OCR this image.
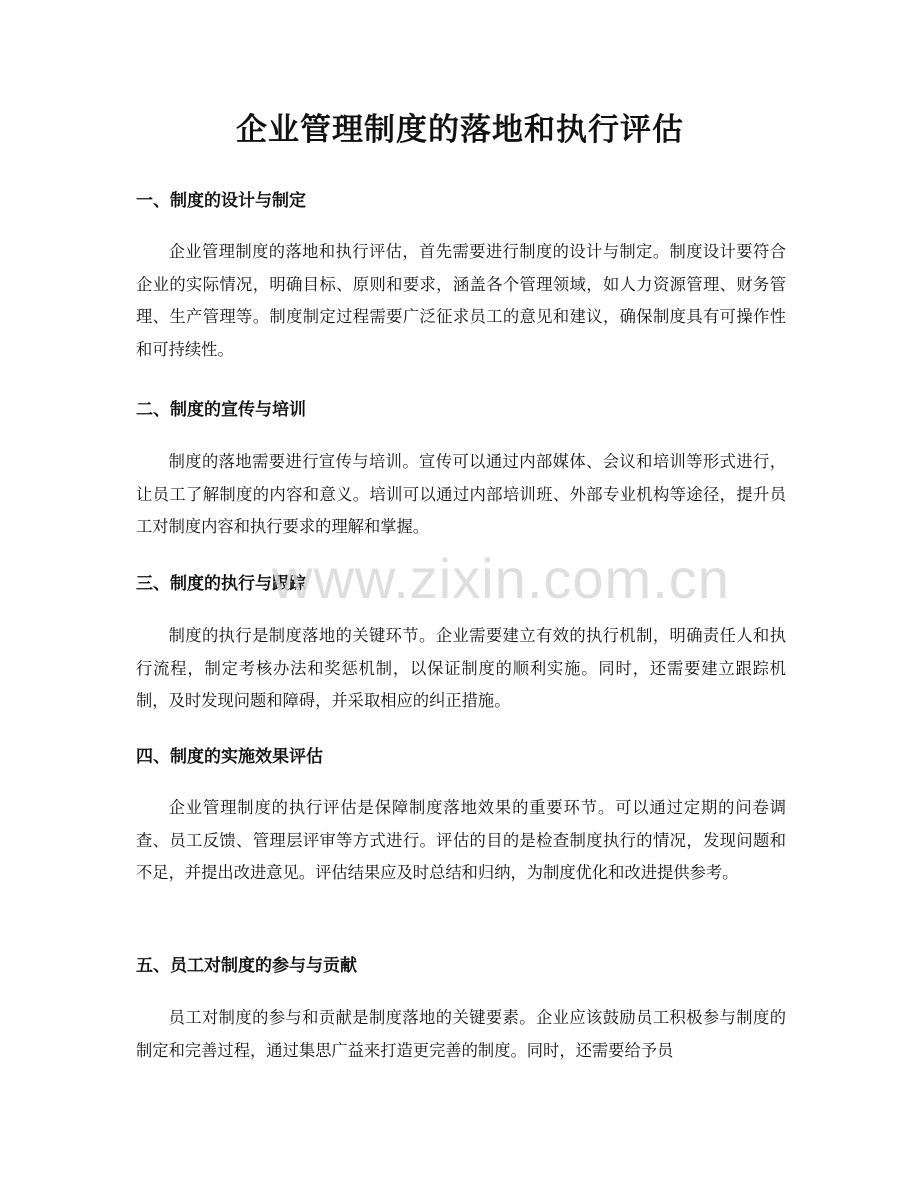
企业管理制度的落地和执行评估
一、制度的设计与制定

企业管理制度的落地和执行评估，首先需要进行制度的设计与制定。制度设计要符合企业的实际情况，明确目标、原则和要求，涵盖各个管理领域，如人力资源管理、财务管理、生产管理等。制度制定过程需要广泛征求员工的意见和建议，确保制度具有可操作性和可持续性。

二、制度的宣传与培训

制度的落地需要进行宣传与培训。宣传可以通过内部媒体、会议和培训等形式进行，让员工了解制度的内容和意义。培训可以通过内部培训班、外部专业机构等途径，提升员工对制度内容和执行要求的理解和掌握。

三、制度的执行与跟踪

制度的执行是制度落地的关键环节。企业需要建立有效的执行机制，明确责任人和执行流程，制定考核办法和奖惩机制，以保证制度的顺利实施。同时，还需要建立跟踪机制，及时发现问题和障碍，并采取相应的纠正措施。

四、制度的实施效果评估

企业管理制度的执行评估是保障制度落地效果的重要环节。可以通过定期的问卷调查、员工反馈、管理层评审等方式进行。评估的目的是检查制度执行的情况，发现问题和不足，并提出改进意见。评估结果应及时总结和归纳，为制度优化和改进提供参考。

五、员工对制度的参与与贡献

员工对制度的参与和贡献是制度落地的关键要素。企业应该鼓励员工积极参与制度的制定和完善过程，通过集思广益来打造更完善的制度。同时，还需要给予员

www.zixin.com.cn
